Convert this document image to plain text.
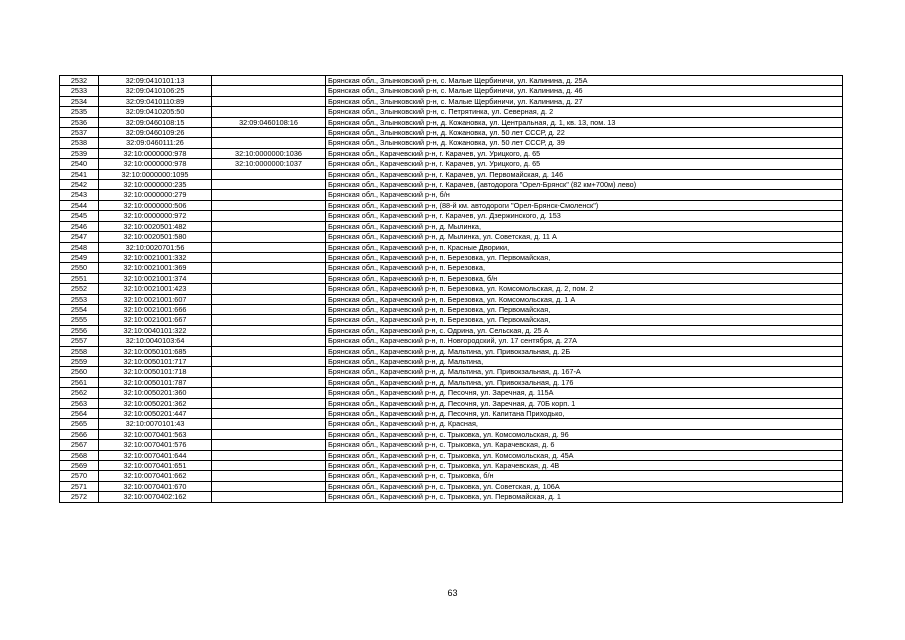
2532	32:09:0410101:13		Брянская обл., Злынковский р-н, с. Малые Щербиничи, ул. Калинина, д. 25А
2533	32:09:0410106:25		Брянская обл., Злынковский р-н, с. Малые Щербиничи, ул. Калинина, д. 46
2534	32:09:0410110:89		Брянская обл., Злынковский р-н, с. Малые Щербиничи, ул. Калинина, д. 27
2535	32:09:0410205:50		Брянская обл., Злынковский р-н, с. Петрятинка, ул. Северная, д. 2
2536	32:09:0460108:15	32:09:0460108:16	Брянская обл., Злынковский р-н, д. Кожановка, ул. Центральная, д. 1, кв. 13, пом. 13
2537	32:09:0460109:26		Брянская обл., Злынковский р-н, д. Кожановка, ул. 50 лет СССР, д. 22
2538	32:09:0460111:26		Брянская обл., Злынковский р-н, д. Кожановка, ул. 50 лет СССР, д. 39
2539	32:10:0000000:978	32:10:0000000:1036	Брянская обл., Карачевский р-н, г. Карачев, ул. Урицкого, д. 65
2540	32:10:0000000:978	32:10:0000000:1037	Брянская обл., Карачевский р-н, г. Карачев, ул. Урицкого, д. 65
2541	32:10:0000000:1095		Брянская обл., Карачевский р-н, г. Карачев, ул. Первомайская, д. 146
2542	32:10:0000000:235		Брянская обл., Карачевский р-н, г. Карачев, (автодорога "Орел-Брянск" (82 км+700м) лево)
2543	32:10:0000000:279		Брянская обл., Карачевский р-н, б/н
2544	32:10:0000000:506		Брянская обл., Карачевский р-н, (88-й км. автодороги "Орел-Брянск-Смоленск")
2545	32:10:0000000:972		Брянская обл., Карачевский р-н, г. Карачев, ул. Дзержинского, д. 153
2546	32:10:0020501:482		Брянская обл., Карачевский р-н, д. Мылинка,
2547	32:10:0020501:580		Брянская обл., Карачевский р-н, д. Мылинка, ул. Советская, д. 11 А
2548	32:10:0020701:56		Брянская обл., Карачевский р-н, п. Красные Дворики,
2549	32:10:0021001:332		Брянская обл., Карачевский р-н, п. Березовка, ул. Первомайская,
2550	32:10:0021001:369		Брянская обл., Карачевский р-н, п. Березовка,
2551	32:10:0021001:374		Брянская обл., Карачевский р-н, п. Березовка, б/н
2552	32:10:0021001:423		Брянская обл., Карачевский р-н, п. Березовка, ул. Комсомольская, д. 2, пом. 2
2553	32:10:0021001:607		Брянская обл., Карачевский р-н, п. Березовка, ул. Комсомольская, д. 1 А
2554	32:10:0021001:666		Брянская обл., Карачевский р-н, п. Березовка, ул. Первомайская,
2555	32:10:0021001:667		Брянская обл., Карачевский р-н, п. Березовка, ул. Первомайская,
2556	32:10:0040101:322		Брянская обл., Карачевский р-н, с. Одрина, ул. Сельская, д. 25 А
2557	32:10:0040103:64		Брянская обл., Карачевский р-н, п. Новгородский, ул. 17 сентября, д. 27А
2558	32:10:0050101:685		Брянская обл., Карачевский р-н, д. Мальтина, ул. Привокзальная, д. 2Б
2559	32:10:0050101:717		Брянская обл., Карачевский р-н, д. Мальтина,
2560	32:10:0050101:718		Брянская обл., Карачевский р-н, д. Мальтина, ул. Привокзальная, д. 167-А
2561	32:10:0050101:787		Брянская обл., Карачевский р-н, д. Мальтина, ул. Привокзальная, д. 176
2562	32:10:0050201:360		Брянская обл., Карачевский р-н, д. Песочня, ул. Заречная, д. 115А
2563	32:10:0050201:362		Брянская обл., Карачевский р-н, д. Песочня, ул. Заречная, д. 70Б корп. 1
2564	32:10:0050201:447		Брянская обл., Карачевский р-н, д. Песочня, ул. Капитана Приходько,
2565	32:10:0070101:43		Брянская обл., Карачевский р-н, д. Красная,
2566	32:10:0070401:563		Брянская обл., Карачевский р-н, с. Трыковка, ул. Комсомольская, д. 96
2567	32:10:0070401:576		Брянская обл., Карачевский р-н, с. Трыковка, ул. Карачевская, д. 6
2568	32:10:0070401:644		Брянская обл., Карачевский р-н, с. Трыковка, ул. Комсомольская, д. 45А
2569	32:10:0070401:651		Брянская обл., Карачевский р-н, с. Трыковка, ул. Карачевская, д. 4В
2570	32:10:0070401:662		Брянская обл., Карачевский р-н, с. Трыковка, б/н
2571	32:10:0070401:670		Брянская обл., Карачевский р-н, с. Трыковка, ул. Советская, д. 106А
2572	32:10:0070402:162		Брянская обл., Карачевский р-н, с. Трыковка, ул. Первомайская, д. 1
63
